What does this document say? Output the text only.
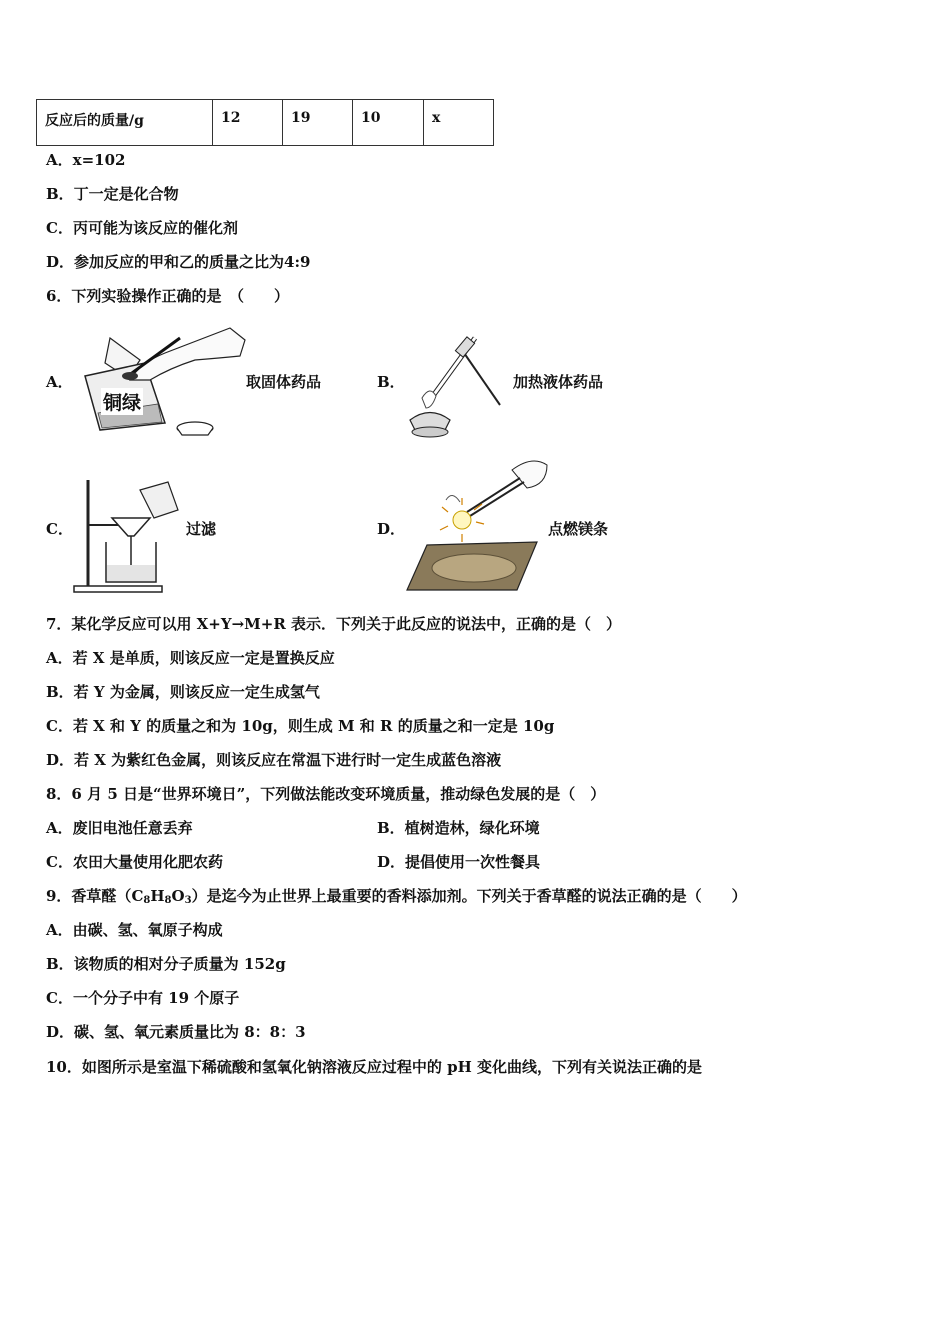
反应后的质量/g	12	19	10	x
A．x=102
B．丁一定是化合物
C．丙可能为该反应的催化剂
D．参加反应的甲和乙的质量之比为4:9
6．下列实验操作正确的是　（　　）
A．
铜绿
取固体药品	B．	加热液体药品
C．	过滤	D．	点燃镁条
7．某化学反应可以用 X+Y→M+R 表示．下列关于此反应的说法中，正确的是（　）
A．若 X 是单质，则该反应一定是置换反应
B．若 Y 为金属，则该反应一定生成氢气
C．若 X 和 Y 的质量之和为 10g，则生成 M 和 R 的质量之和一定是 10g
D．若 X 为紫红色金属，则该反应在常温下进行时一定生成蓝色溶液
8．6 月 5 日是“世界环境日”，下列做法能改变环境质量，推动绿色发展的是（　）
A．废旧电池任意丢弃	B．植树造林，绿化环境
C．农田大量使用化肥农药	D．提倡使用一次性餐具
9．香草醛$(C_8H_8O_3)$是迄今为止世界上最重要的香料添加剂。下列关于香草醛的说法正确的是（　　）
A．由碳、氢、氧原子构成
B．该物质的相对分子质量为 152g
C．一个分子中有 19 个原子
D．碳、氢、氧元素质量比为 8：8：3
10．如图所示是室温下稀硫酸和氢氧化钠溶液反应过程中的 pH 变化曲线，下列有关说法正确的是
